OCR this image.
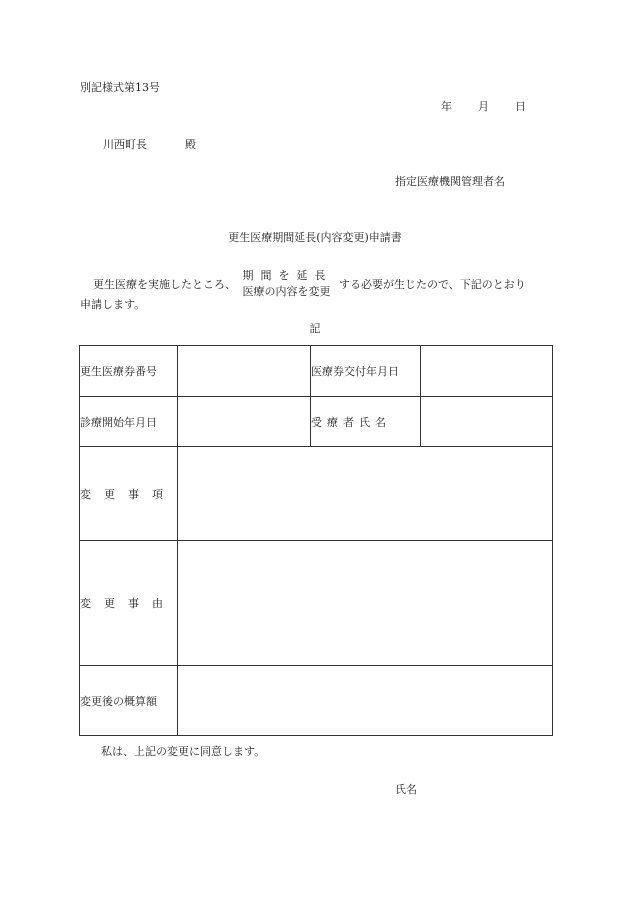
別記様式第13号
年 月 日
川西町長	殿
指定医療機関管理者名
更生医療期間延長(内容変更)申請書
更生医療を実施したところ、
期間を延長
医療の内容を変更
する必要が生じたので、下記のとおり
申請します。
記
更生医療券番号		医療券交付年月日	
診療開始年月日		受療者氏名	
変更事項			
変更事由			
変更後の概算額			
私は、上記の変更に同意します。
氏名
